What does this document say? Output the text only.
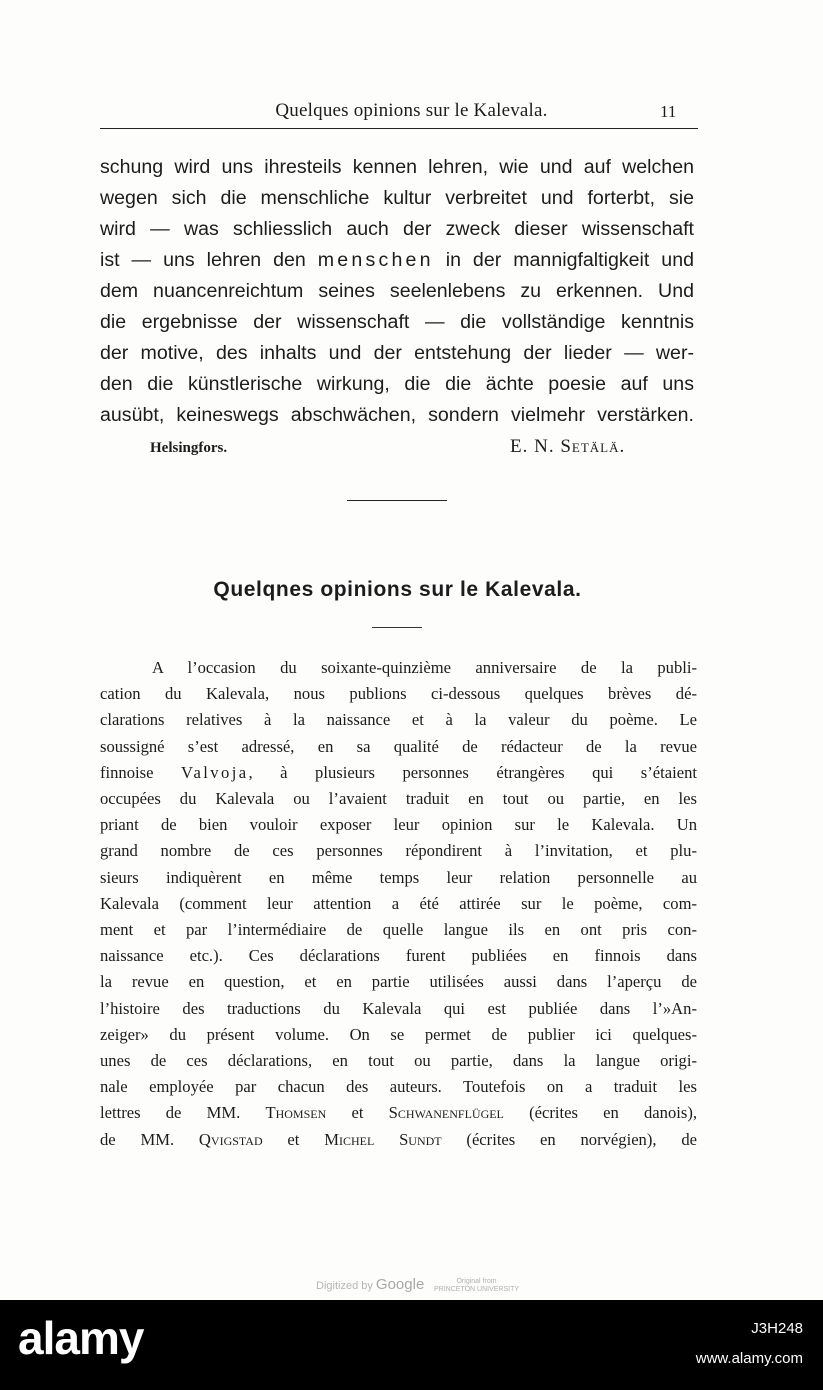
Quelques opinions sur le Kalevala.	11
schung wird uns ihresteils kennen lehren, wie und auf welchen
wegen sich die menschliche kultur verbreitet und forterbt, sie
wird — was schliesslich auch der zweck dieser wissenschaft
ist — uns lehren den menschen in der mannigfaltigkeit und
dem nuancenreichtum seines seelenlebens zu erkennen. Und
die ergebnisse der wissenschaft — die vollständige kenntnis
der motive, des inhalts und der entstehung der lieder — wer-
den die künstlerische wirkung, die die ächte poesie auf uns
ausübt, keineswegs abschwächen, sondern vielmehr verstärken.
Helsingfors.	E. N. Setälä.
Quelqnes opinions sur le Kalevala.
A l’occasion du soixante-quinzième anniversaire de la publi-
cation du Kalevala, nous publions ci-dessous quelques brèves dé-
clarations relatives à la naissance et à la valeur du poème. Le
soussigné s’est adressé, en sa qualité de rédacteur de la revue
finnoise Valvoja, à plusieurs personnes étrangères qui s’étaient
occupées du Kalevala ou l’avaient traduit en tout ou partie, en les
priant de bien vouloir exposer leur opinion sur le Kalevala. Un
grand nombre de ces personnes répondirent à l’invitation, et plu-
sieurs indiquèrent en même temps leur relation personnelle au
Kalevala (comment leur attention a été attirée sur le poème, com-
ment et par l’intermédiaire de quelle langue ils en ont pris con-
naissance etc.). Ces déclarations furent publiées en finnois dans
la revue en question, et en partie utilisées aussi dans l’aperçu de
l’histoire des traductions du Kalevala qui est publiée dans l’»An-
zeiger» du présent volume. On se permet de publier ici quelques-
unes de ces déclarations, en tout ou partie, dans la langue origi-
nale employée par chacun des auteurs. Toutefois on a traduit les
lettres de MM. Thomsen et Schwanenflügel (écrites en danois),
de MM. Qvigstad et Michel Sundt (écrites en norvégien), de
Digitized by Google	Original from
PRINCETON UNIVERSITY
alamy	J3H248
www.alamy.com
